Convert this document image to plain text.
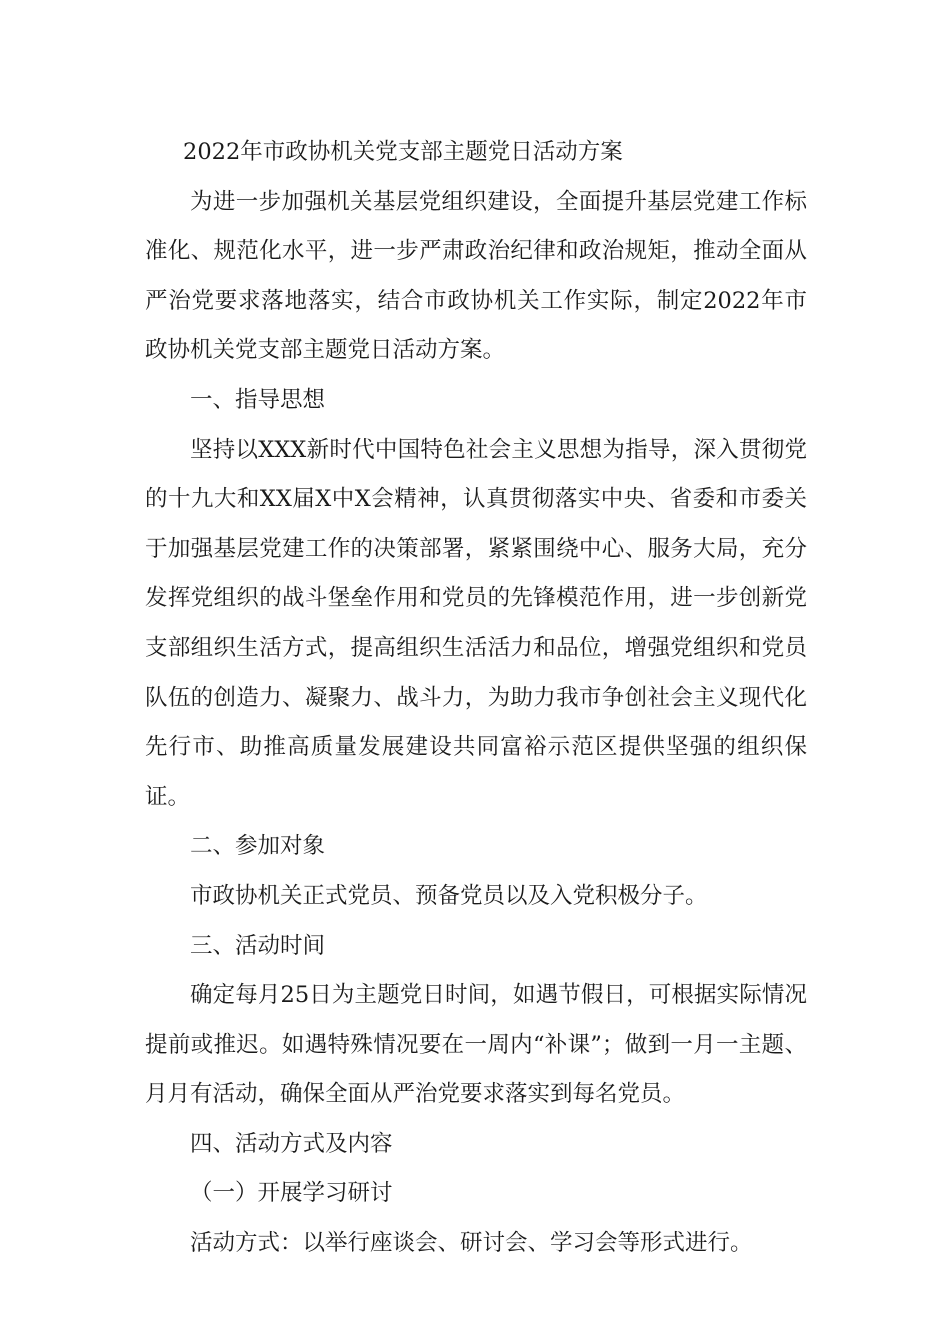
2022年市政协机关党支部主题党日活动方案

为进一步加强机关基层党组织建设，全面提升基层党建工作标准化、规范化水平，进一步严肃政治纪律和政治规矩，推动全面从严治党要求落地落实，结合市政协机关工作实际，制定2022年市政协机关党支部主题党日活动方案。

一、指导思想

坚持以XXX新时代中国特色社会主义思想为指导，深入贯彻党的十九大和XX届X中X会精神，认真贯彻落实中央、省委和市委关于加强基层党建工作的决策部署，紧紧围绕中心、服务大局，充分发挥党组织的战斗堡垒作用和党员的先锋模范作用，进一步创新党支部组织生活方式，提高组织生活活力和品位，增强党组织和党员队伍的创造力、凝聚力、战斗力，为助力我市争创社会主义现代化先行市、助推高质量发展建设共同富裕示范区提供坚强的组织保证。

二、参加对象

市政协机关正式党员、预备党员以及入党积极分子。

三、活动时间

确定每月25日为主题党日时间，如遇节假日，可根据实际情况提前或推迟。如遇特殊情况要在一周内“补课”；做到一月一主题、月月有活动，确保全面从严治党要求落实到每名党员。

四、活动方式及内容

（一）开展学习研讨

活动方式：以举行座谈会、研讨会、学习会等形式进行。
